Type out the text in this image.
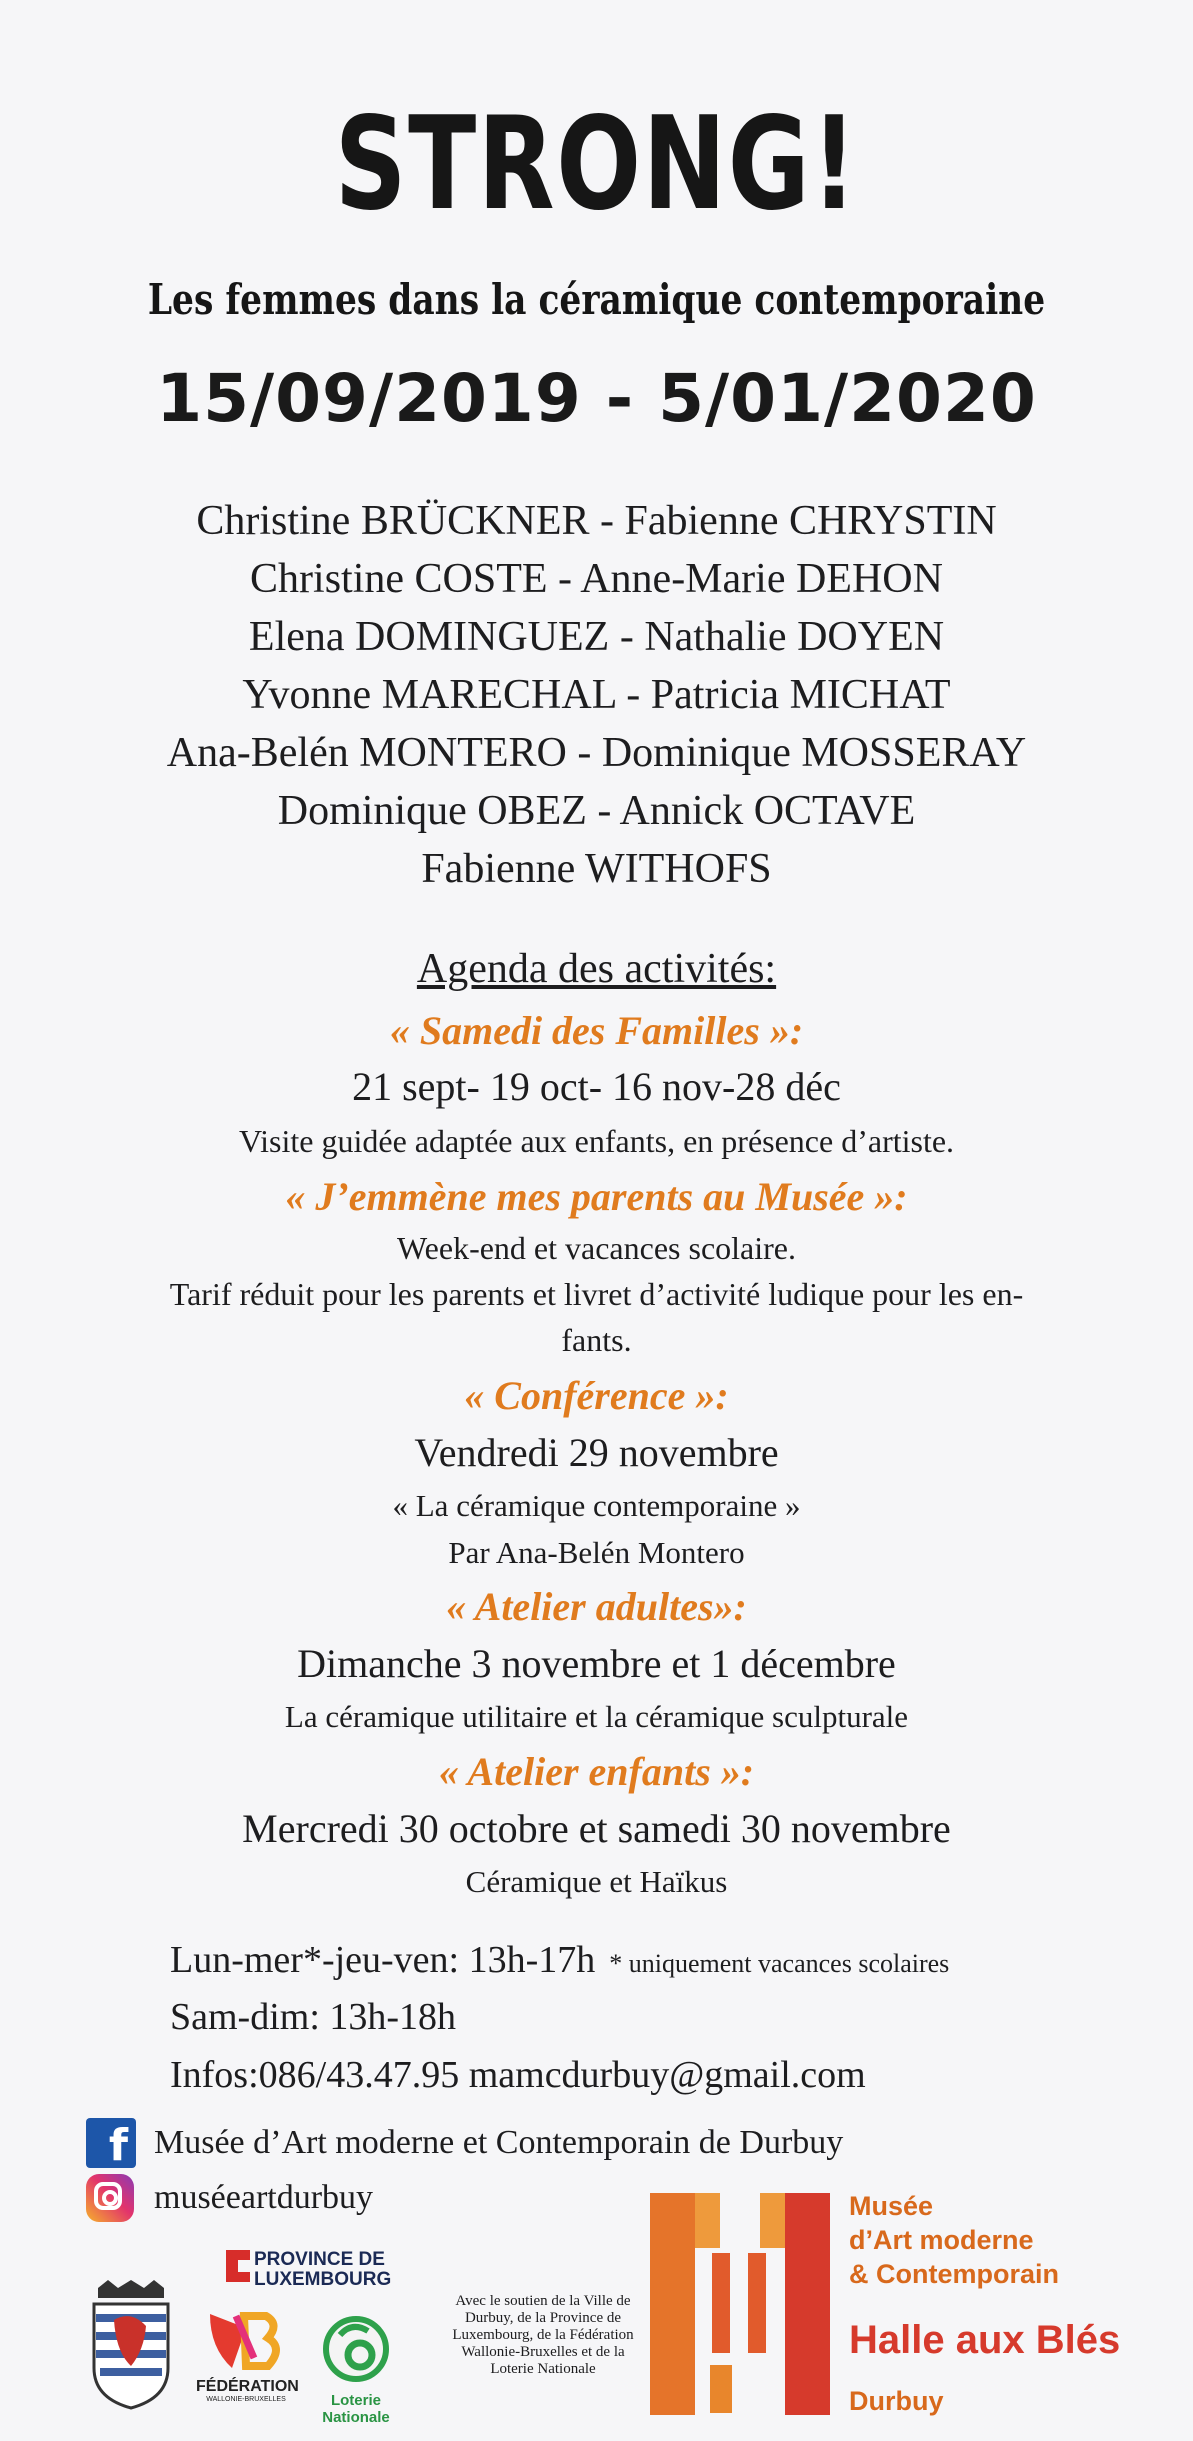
STRONG!
Les femmes dans la céramique contemporaine
15/09/2019 - 5/01/2020
Christine BRÜCKNER - Fabienne CHRYSTIN
Christine COSTE - Anne-Marie DEHON
Elena DOMINGUEZ - Nathalie DOYEN
Yvonne MARECHAL - Patricia MICHAT
Ana-Belén MONTERO - Dominique MOSSERAY
Dominique OBEZ - Annick OCTAVE
Fabienne WITHOFS
Agenda des activités:
« Samedi des Familles »:
21 sept- 19 oct- 16 nov-28 déc
Visite guidée adaptée aux enfants, en présence d’artiste.
« J’emmène mes parents au Musée »:
Week-end et vacances scolaire.
Tarif réduit pour les parents et livret d’activité ludique pour les en-
fants.
« Conférence »:
Vendredi 29 novembre
« La céramique contemporaine »
Par Ana-Belén Montero
« Atelier adultes»:
Dimanche 3 novembre et 1 décembre
La céramique utilitaire et la céramique sculpturale
« Atelier enfants »:
Mercredi 30 octobre et samedi 30 novembre
Céramique et Haïkus
Lun-mer*-jeu-ven: 13h-17h * uniquement vacances scolaires
Sam-dim: 13h-18h
Infos:086/43.47.95 mamcdurbuy@gmail.com
f Musée d’Art moderne et Contemporain de Durbuy
muséeartdurbuy
PROVINCE DE
LUXEMBOURG
FÉDÉRATION
WALLONIE-BRUXELLES	Loterie Nationale
Avec le soutien de la Ville de Durbuy, de la Province de Luxembourg, de la Fédération Wallonie-Bruxelles et de la Loterie Nationale
Musée
d’Art moderne
& Contemporain
Halle aux Blés
Durbuy
